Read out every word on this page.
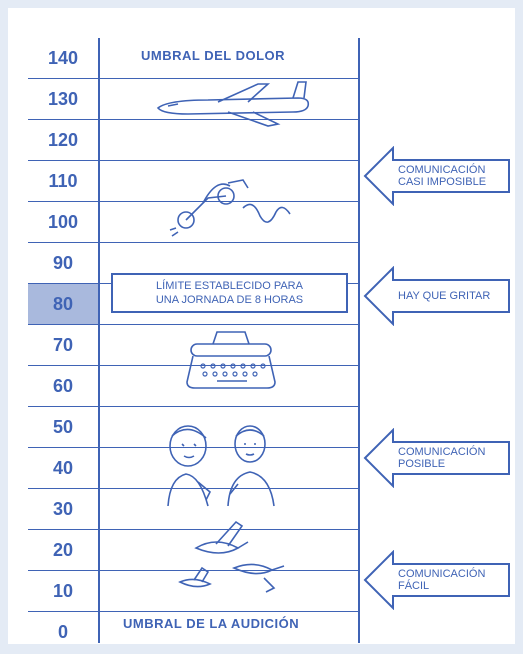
140
130
120
110
100
90
80
70
60
50
40
30
20
10
0
UMBRAL DEL DOLOR
UMBRAL DE LA AUDICIÓN
LÍMITE ESTABLECIDO PARA
UNA JORNADA DE 8 HORAS
COMUNICACIÓN
CASI IMPOSIBLE
HAY QUE GRITAR
COMUNICACIÓN
POSIBLE
COMUNICACIÓN
FÁCIL
